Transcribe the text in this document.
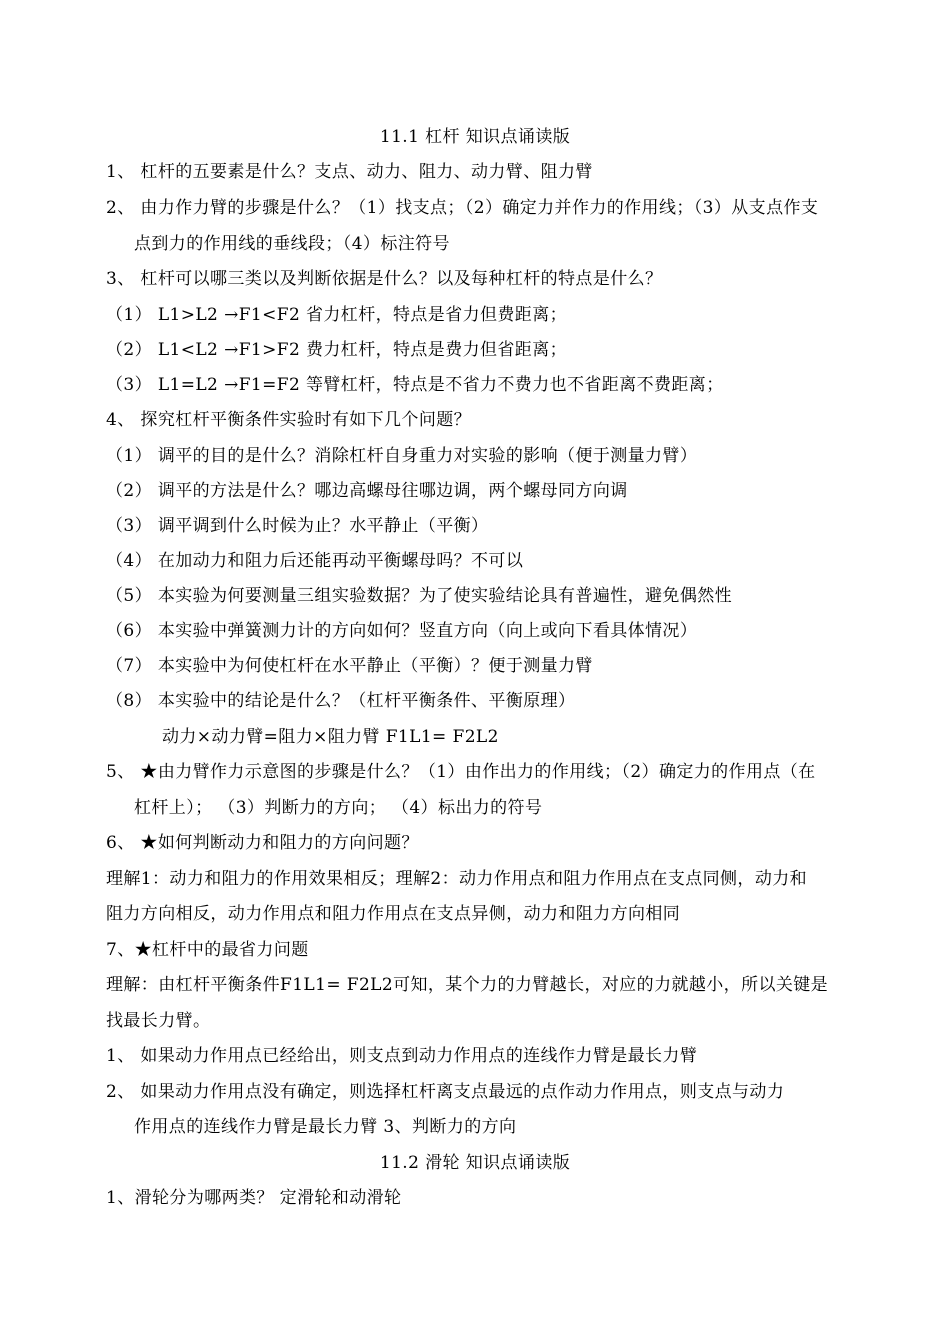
11.1 杠杆 知识点诵读版
1、 杠杆的五要素是什么？支点、动力、阻力、动力臂、阻力臂
2、 由力作力臂的步骤是什么？（1）找支点；（2）确定力并作力的作用线；（3）从支点作支
点到力的作用线的垂线段；（4）标注符号
3、 杠杆可以哪三类以及判断依据是什么？以及每种杠杆的特点是什么？
（1） L1>L2 →F1<F2 省力杠杆，特点是省力但费距离；
（2） L1<L2 →F1>F2 费力杠杆，特点是费力但省距离；
（3） L1=L2 →F1=F2 等臂杠杆，特点是不省力不费力也不省距离不费距离；
4、 探究杠杆平衡条件实验时有如下几个问题？
（1） 调平的目的是什么？消除杠杆自身重力对实验的影响（便于测量力臂）
（2） 调平的方法是什么？哪边高螺母往哪边调，两个螺母同方向调
（3） 调平调到什么时候为止？水平静止（平衡）
（4） 在加动力和阻力后还能再动平衡螺母吗？不可以
（5） 本实验为何要测量三组实验数据？为了使实验结论具有普遍性，避免偶然性
（6） 本实验中弹簧测力计的方向如何？竖直方向（向上或向下看具体情况）
（7） 本实验中为何使杠杆在水平静止（平衡）？便于测量力臂
（8） 本实验中的结论是什么？（杠杆平衡条件、平衡原理）
动力×动力臂=阻力×阻力臂 F1L1= F2L2
5、 ★由力臂作力示意图的步骤是什么？（1）由作出力的作用线；（2）确定力的作用点（在
杠杆上）； （3）判断力的方向； （4）标出力的符号
6、 ★如何判断动力和阻力的方向问题？
理解1：动力和阻力的作用效果相反；理解2：动力作用点和阻力作用点在支点同侧，动力和
阻力方向相反，动力作用点和阻力作用点在支点异侧，动力和阻力方向相同
7、★杠杆中的最省力问题
理解：由杠杆平衡条件F1L1= F2L2可知，某个力的力臂越长，对应的力就越小，所以关键是
找最长力臂。
1、 如果动力作用点已经给出，则支点到动力作用点的连线作力臂是最长力臂
2、 如果动力作用点没有确定，则选择杠杆离支点最远的点作动力作用点，则支点与动力
作用点的连线作力臂是最长力臂 3、判断力的方向
11.2 滑轮 知识点诵读版
1、滑轮分为哪两类？ 定滑轮和动滑轮
